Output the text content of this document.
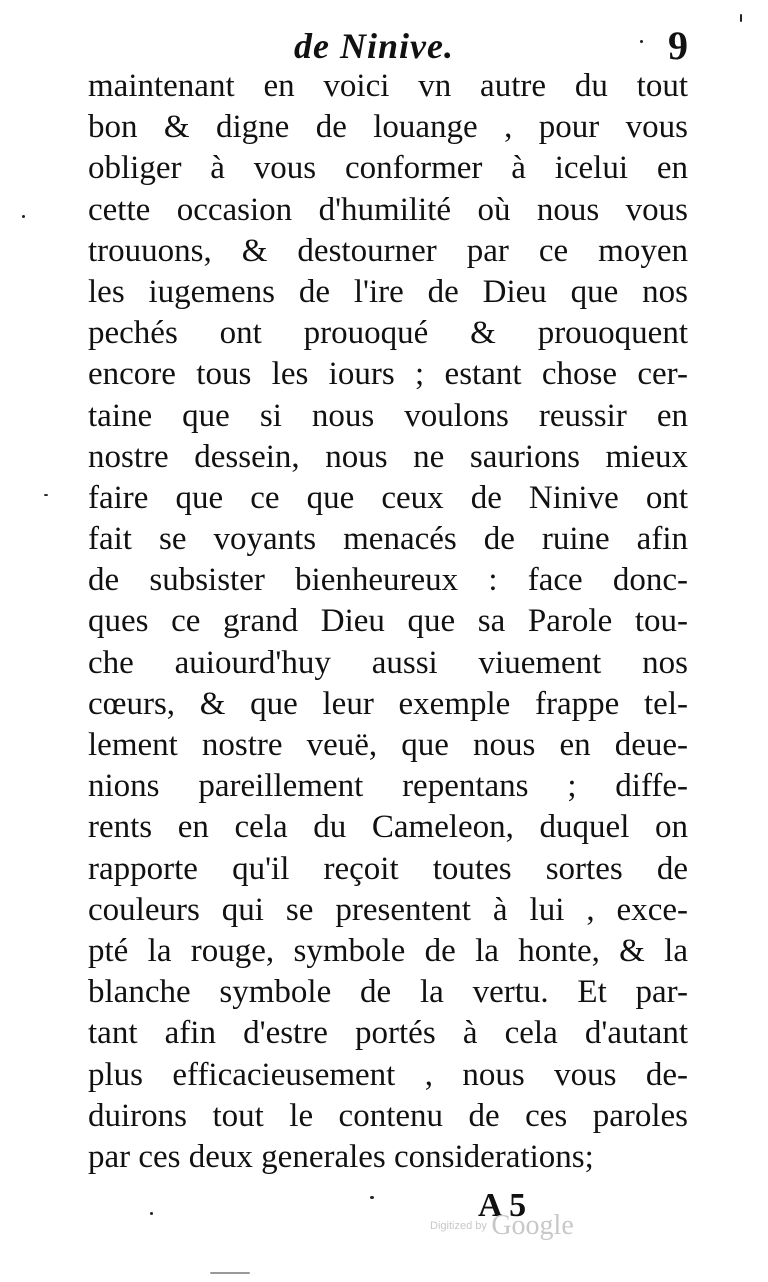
de Ninive.	9
maintenant en voici vn autre du tout
bon & digne de louange , pour vous
obliger à vous conformer à icelui en
cette occasion d'humilité où nous vous
trouuons, & destourner par ce moyen
les iugemens de l'ire de Dieu que nos
pechés ont prouoqué & prouoquent
encore tous les iours ; estant chose cer-
taine que si nous voulons reussir en
nostre dessein, nous ne saurions mieux
faire que ce que ceux de Ninive ont
fait se voyants menacés de ruine afin
de subsister bienheureux : face donc-
ques ce grand Dieu que sa Parole tou-
che auiourd'huy aussi viuement nos
cœurs, & que leur exemple frappe tel-
lement nostre veuë, que nous en deue-
nions pareillement repentans ; diffe-
rents en cela du Cameleon, duquel on
rapporte qu'il reçoit toutes sortes de
couleurs qui se presentent à lui , exce-
pté la rouge, symbole de la honte, & la
blanche symbole de la vertu. Et par-
tant afin d'estre portés à cela d'autant
plus efficacieusement , nous vous de-
duirons tout le contenu de ces paroles
par ces deux generales considerations;
A 5
Digitized by Google
